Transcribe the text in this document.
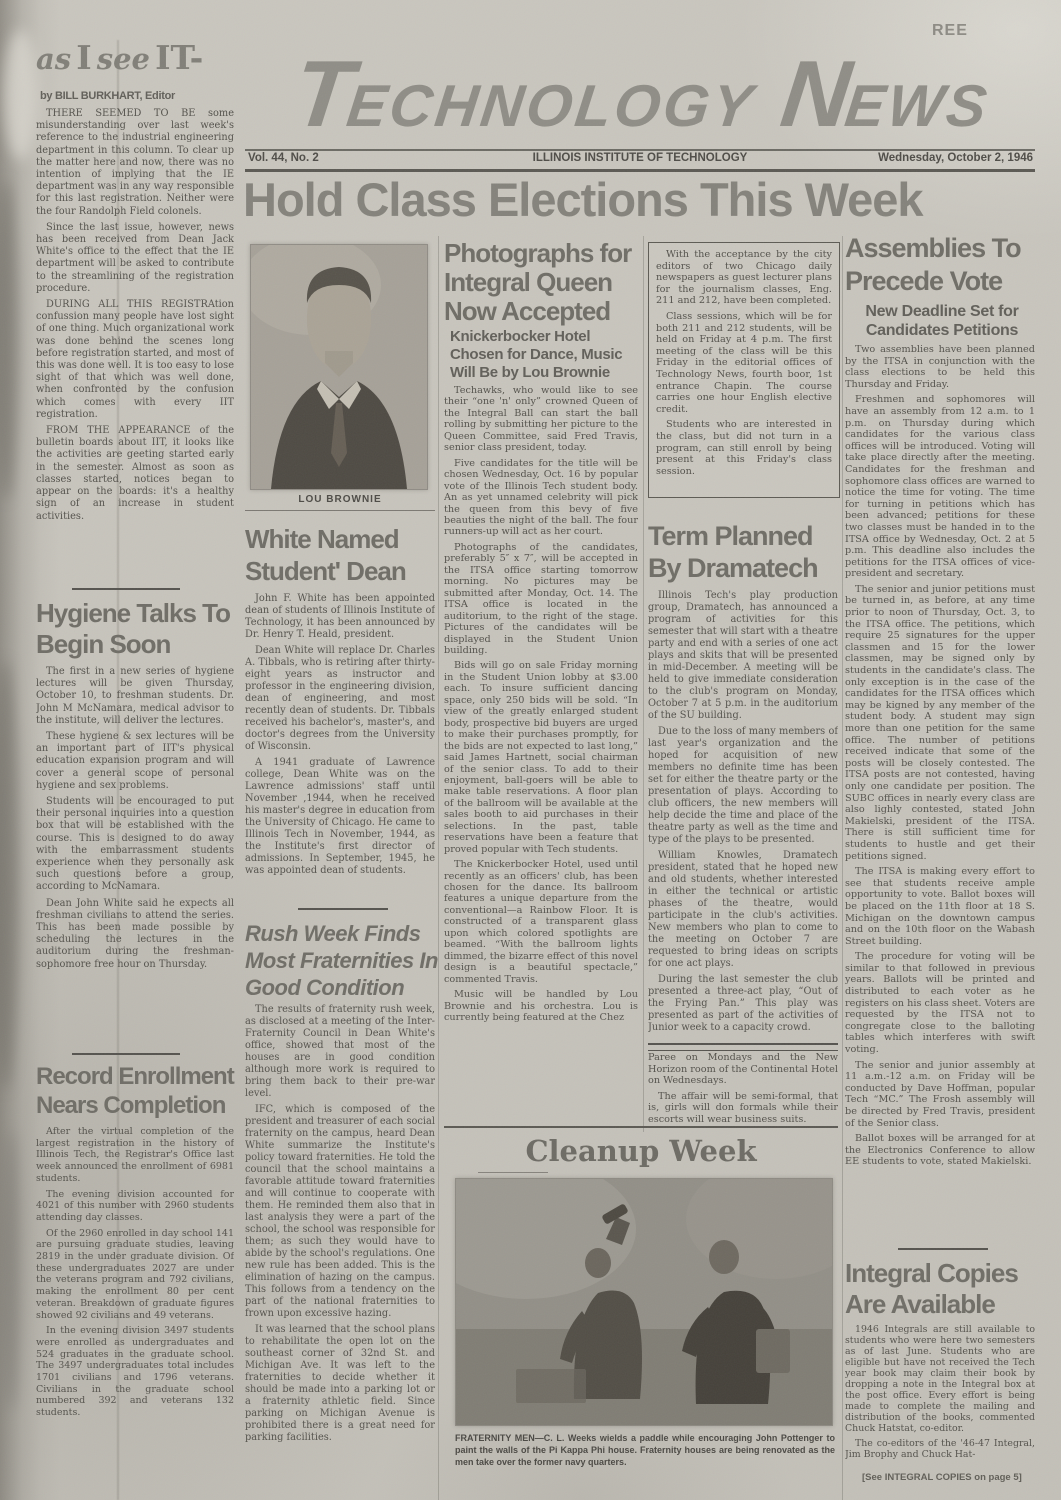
REE
TECHNOLOGY NEWS
Vol. 44, No. 2	ILLINOIS INSTITUTE OF TECHNOLOGY	Wednesday, October 2, 1946
Hold Class Elections This Week
as I see IT-
by BILL BURKHART, Editor

THERE SEEMED TO BE some misunderstanding over last week's reference to the industrial engineering department in this column. To clear up the matter here and now, there was no intention of implying that the IE department was in any way responsible for this last registration. Neither were the four Randolph Field colonels.

Since the last issue, however, news has been received from Dean Jack White's office to the effect that the IE department will be asked to contribute to the streamlining of the registration procedure.

DURING ALL THIS REGISTRAtion confussion many people have lost sight of one thing. Much organizational work was done behind the scenes long before registration started, and most of this was done well. It is too easy to lose sight of that which was well done, when confronted by the confusion which comes with every IIT registration.

FROM THE APPEARANCE of the bulletin boards about IIT, it looks like the activities are geeting started early in the semester. Almost as soon as classes started, notices began to appear on the boards: it's a healthy sign of an increase in student activities.

Hygiene Talks To Begin Soon

The first in a new series of hygiene lectures will be given Thursday, October 10, to freshman students. Dr. John M McNamara, medical advisor to the institute, will deliver the lectures.

These hygiene & sex lectures will be an important part of IIT's physical education expansion program and will cover a general scope of personal hygiene and sex problems.

Students will be encouraged to put their personal inquiries into a question box that will be established with the course. This is designed to do away with the embarrassment students experience when they personally ask such questions before a group, according to McNamara.

Dean John White said he expects all freshman civilians to attend the series. This has been made possible by scheduling the lectures in the auditorium during the freshman-sophomore free hour on Thursday.

Record Enrollment Nears Completion

After the virtual completion of the largest registration in the history of Illinois Tech, the Registrar's Office last week announced the enrollment of 6981 students.

The evening division accounted for 4021 of this number with 2960 students attending day classes.

Of the 2960 enrolled in day school 141 are pursuing graduate studies, leaving 2819 in the under graduate division. Of these undergraduates 2027 are under the veterans program and 792 civilians, making the enrollment 80 per cent veteran. Breakdown of graduate figures showed 92 civilians and 49 veterans.

In the evening division 3497 students were enrolled as undergraduates and 524 graduates in the graduate school. The 3497 undergraduates total includes 1701 civilians and 1796 veterans. Civilians in the graduate school numbered 392 and veterans 132 students.

LOU BROWNIE
White Named Student' Dean

John F. White has been appointed dean of students of Illinois Institute of Technology, it has been announced by Dr. Henry T. Heald, president.

Dean White will replace Dr. Charles A. Tibbals, who is retiring after thirty-eight years as instructor and professor in the engineering division, dean of engineering, and most recently dean of students. Dr. Tibbals received his bachelor's, master's, and doctor's degrees from the University of Wisconsin.

A 1941 graduate of Lawrence college, Dean White was on the Lawrence admissions' staff until November ,1944, when he received his master's degree in education from the University of Chicago. He came to Illinois Tech in November, 1944, as the Institute's first director of admissions. In September, 1945, he was appointed dean of students.

Rush Week Finds Most Fraternities In Good Condition

The results of fraternity rush week, as disclosed at a meeting of the Inter-Fraternity Council in Dean White's office, showed that most of the houses are in good condition although more work is required to bring them back to their pre-war level.

IFC, which is composed of the president and treasurer of each social fraternity on the campus, heard Dean White summarize the Institute's policy toward fraternities. He told the council that the school maintains a favorable attitude toward fraternities and will continue to cooperate with them. He reminded them also that in last analysis they were a part of the school, the school was responsible for them; as such they would have to abide by the school's regulations. One new rule has been added. This is the elimination of hazing on the campus. This follows from a tendency on the part of the national fraternities to frown upon excessive hazing.

It was learned that the school plans to rehabilitate the open lot on the southeast corner of 32nd St. and Michigan Ave. It was left to the fraternities to decide whether it should be made into a parking lot or a fraternity athletic field. Since parking on Michigan Avenue is prohibited there is a great need for parking facilities.

Photographs for Integral Queen Now Accepted
Knickerbocker Hotel Chosen for Dance, Music Will Be by Lou Brownie

Techawks, who would like to see their “one 'n' only” crowned Queen of the Integral Ball can start the ball rolling by submitting her picture to the Queen Committee, said Fred Travis, senior class president, today.

Five candidates for the title will be chosen Wednesday, Oct. 16 by popular vote of the Illinois Tech student body. An as yet unnamed celebrity will pick the queen from this bevy of five beauties the night of the ball. The four runners-up will act as her court.

Photographs of the candidates, preferably 5″ x 7″, will be accepted in the ITSA office starting tomorrow morning. No pictures may be submitted after Monday, Oct. 14. The ITSA office is located in the auditorium, to the right of the stage. Pictures of the candidates will be displayed in the Student Union building.

Bids will go on sale Friday morning in the Student Union lobby at $3.00 each. To insure sufficient dancing space, only 250 bids will be sold. “In view of the greatly enlarged student body, prospective bid buyers are urged to make their purchases promptly, for the bids are not expected to last long,” said James Hartnett, social chairman of the senior class. To add to their enjoyment, ball-goers will be able to make table reservations. A floor plan of the ballroom will be available at the sales booth to aid purchases in their selections. In the past, table reservations have been a feature that proved popular with Tech students.

The Knickerbocker Hotel, used until recently as an officers' club, has been chosen for the dance. Its ballroom features a unique departure from the conventional—a Rainbow Floor. It is constructed of a transparent glass upon which colored spotlights are beamed. “With the ballroom lights dimmed, the bizarre effect of this novel design is a beautiful spectacle,” commented Travis.

Music will be handled by Lou Brownie and his orchestra. Lou is currently being featured at the Chez

With the acceptance by the city editors of two Chicago daily newspapers as guest lecturer plans for the journalism classes, Eng. 211 and 212, have been completed.

Class sessions, which will be for both 211 and 212 students, will be held on Friday at 4 p.m. The first meeting of the class will be this Friday in the editorial offices of Technology News, fourth boor, 1st entrance Chapin. The course carries one hour English elective credit.

Students who are interested in the class, but did not turn in a program, can still enroll by being present at this Friday's class session.

Term Planned By Dramatech

Illinois Tech's play production group, Dramatech, has announced a program of activities for this semester that will start with a theatre party and end with a series of one act plays and skits that will be presented in mid-December. A meeting will be held to give immediate consideration to the club's program on Monday, October 7 at 5 p.m. in the auditorium of the SU building.

Due to the loss of many members of last year's organization and the hoped for acquisition of new members no definite time has been set for either the theatre party or the presentation of plays. According to club officers, the new members will help decide the time and place of the theatre party as well as the time and type of the plays to be presented.

William Knowles, Dramatech president, stated that he hoped new and old students, whether interested in either the technical or artistic phases of the theatre, would participate in the club's activities. New members who plan to come to the meeting on October 7 are requested to bring ideas on scripts for one act plays.

During the last semester the club presented a three-act play, “Out of the Frying Pan.” This play was presented as part of the activities of Junior week to a capacity crowd.

Paree on Mondays and the New Horizon room of the Continental Hotel on Wednesdays.

The affair will be semi-formal, that is, girls will don formals while their escorts will wear business suits.

Assemblies To Precede Vote
New Deadline Set for Candidates Petitions

Two assemblies have been planned by the ITSA in conjunction with the class elections to be held this Thursday and Friday.

Freshmen and sophomores will have an assembly from 12 a.m. to 1 p.m. on Thursday during which candidates for the various class offices will be introduced. Voting will take place directly after the meeting. Candidates for the freshman and sophomore class offices are warned to notice the time for voting. The time for turning in petitions which has been advanced; petitions for these two classes must be handed in to the ITSA office by Wednesday, Oct. 2 at 5 p.m. This deadline also includes the petitions for the ITSA offices of vice-president and secretary.

The senior and junior petitions must be turned in, as before, at any time prior to noon of Thursday, Oct. 3, to the ITSA office. The petitions, which require 25 signatures for the upper classmen and 15 for the lower classmen, may be signed only by students in the candidate's class. The only exception is in the case of the candidates for the ITSA offices which may be kigned by any member of the student body. A student may sign more than one petition for the same office. The number of petitions received indicate that some of the posts will be closely contested. The ITSA posts are not contested, having only one candidate per position. The SUBC offices in nearly every class are also lighly contested, stated John Makielski, president of the ITSA. There is still sufficient time for students to hustle and get their petitions signed.

The ITSA is making every effort to see that students receive ample opportunity to vote. Ballot boxes will be placed on the 11th floor at 18 S. Michigan on the downtown campus and on the 10th floor on the Wabash Street building.

The procedure for voting will be similar to that followed in previous years. Ballots will be printed and distributed to each voter as he registers on his class sheet. Voters are requested by the ITSA not to congregate close to the balloting tables which interferes with swift voting.

The senior and junior assembly at 11 a.m.-12 a.m. on Friday will be conducted by Dave Hoffman, popular Tech “MC.” The Frosh assembly will be directed by Fred Travis, president of the Senior class.

Ballot boxes will be arranged for at the Electronics Conference to allow EE students to vote, stated Makielski.

Integral Copies Are Available

1946 Integrals are still available to students who were here two semesters as of last June. Students who are eligible but have not received the Tech year book may claim their book by dropping a note in the Integral box at the post office. Every effort is being made to complete the mailing and distribution of the books, commented Chuck Hatstat, co-editor.

The co-editors of the '46-47 Integral, Jim Brophy and Chuck Hat-

[See INTEGRAL COPIES on page 5]
Cleanup Week
FRATERNITY MEN—C. L. Weeks wields a paddle while encouraging John Pottenger to paint the walls of the Pi Kappa Phi house. Fraternity houses are being renovated as the men take over the former navy quarters.
